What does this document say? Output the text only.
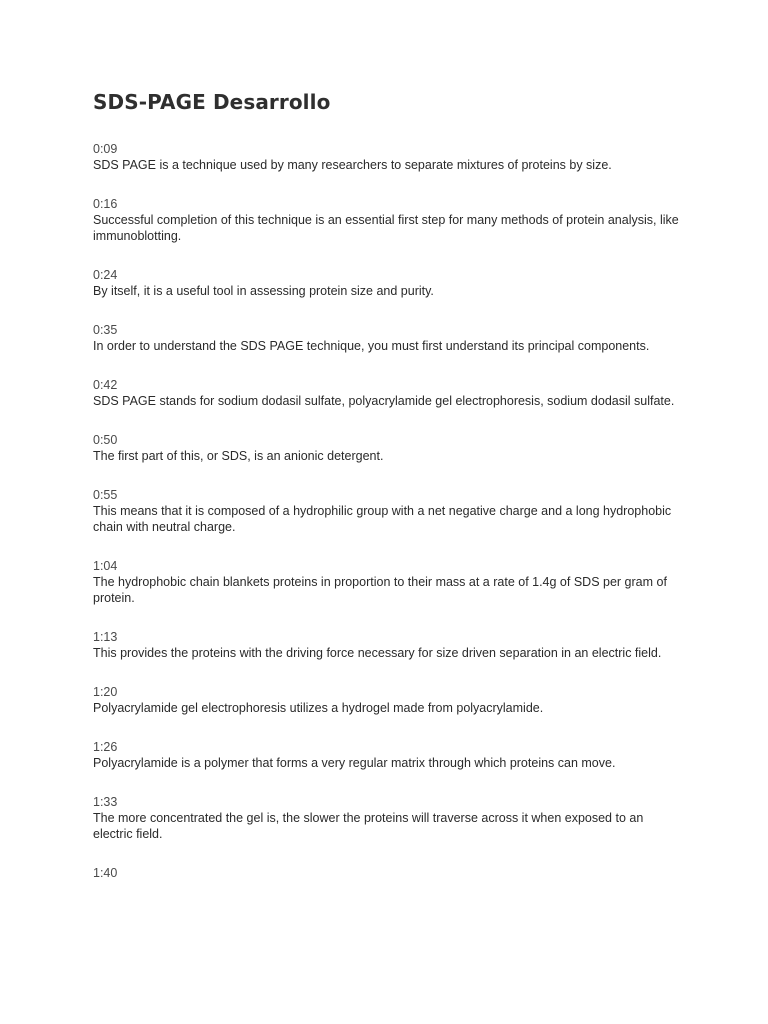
SDS-PAGE Desarrollo
0:09
SDS PAGE is a technique used by many researchers to separate mixtures of proteins by size.
0:16
Successful completion of this technique is an essential first step for many methods of protein analysis, like immunoblotting.
0:24
By itself, it is a useful tool in assessing protein size and purity.
0:35
In order to understand the SDS PAGE technique, you must first understand its principal components.
0:42
SDS PAGE stands for sodium dodasil sulfate, polyacrylamide gel electrophoresis, sodium dodasil sulfate.
0:50
The first part of this, or SDS, is an anionic detergent.
0:55
This means that it is composed of a hydrophilic group with a net negative charge and a long hydrophobic chain with neutral charge.
1:04
The hydrophobic chain blankets proteins in proportion to their mass at a rate of 1.4g of SDS per gram of protein.
1:13
This provides the proteins with the driving force necessary for size driven separation in an electric field.
1:20
Polyacrylamide gel electrophoresis utilizes a hydrogel made from polyacrylamide.
1:26
Polyacrylamide is a polymer that forms a very regular matrix through which proteins can move.
1:33
The more concentrated the gel is, the slower the proteins will traverse across it when exposed to an electric field.
1:40
